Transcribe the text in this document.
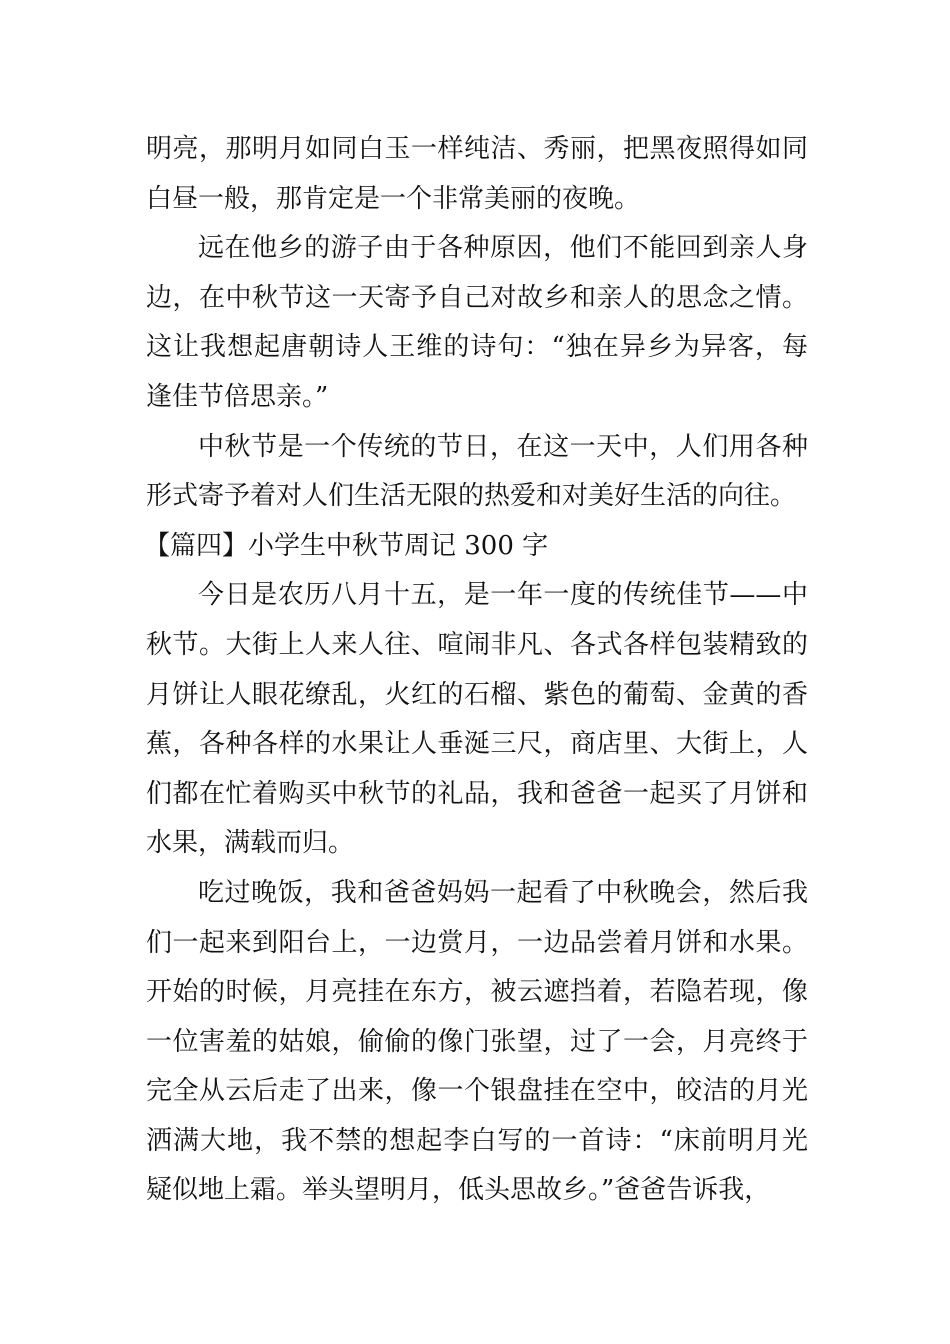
明亮，那明月如同白玉一样纯洁、秀丽，把黑夜照得如同白昼一般，那肯定是一个非常美丽的夜晚。

远在他乡的游子由于各种原因，他们不能回到亲人身边，在中秋节这一天寄予自己对故乡和亲人的思念之情。这让我想起唐朝诗人王维的诗句：“独在异乡为异客，每逢佳节倍思亲。”

中秋节是一个传统的节日，在这一天中，人们用各种形式寄予着对人们生活无限的热爱和对美好生活的向往。

【篇四】小学生中秋节周记 300 字

今日是农历八月十五，是一年一度的传统佳节——中秋节。大街上人来人往、喧闹非凡、各式各样包装精致的月饼让人眼花缭乱，火红的石榴、紫色的葡萄、金黄的香蕉，各种各样的水果让人垂涎三尺，商店里、大街上，人们都在忙着购买中秋节的礼品，我和爸爸一起买了月饼和水果，满载而归。

吃过晚饭，我和爸爸妈妈一起看了中秋晚会，然后我们一起来到阳台上，一边赏月，一边品尝着月饼和水果。开始的时候，月亮挂在东方，被云遮挡着，若隐若现，像一位害羞的姑娘，偷偷的像门张望，过了一会，月亮终于完全从云后走了出来，像一个银盘挂在空中，皎洁的月光洒满大地，我不禁的想起李白写的一首诗：“床前明月光疑似地上霜。举头望明月，低头思故乡。”爸爸告诉我，
